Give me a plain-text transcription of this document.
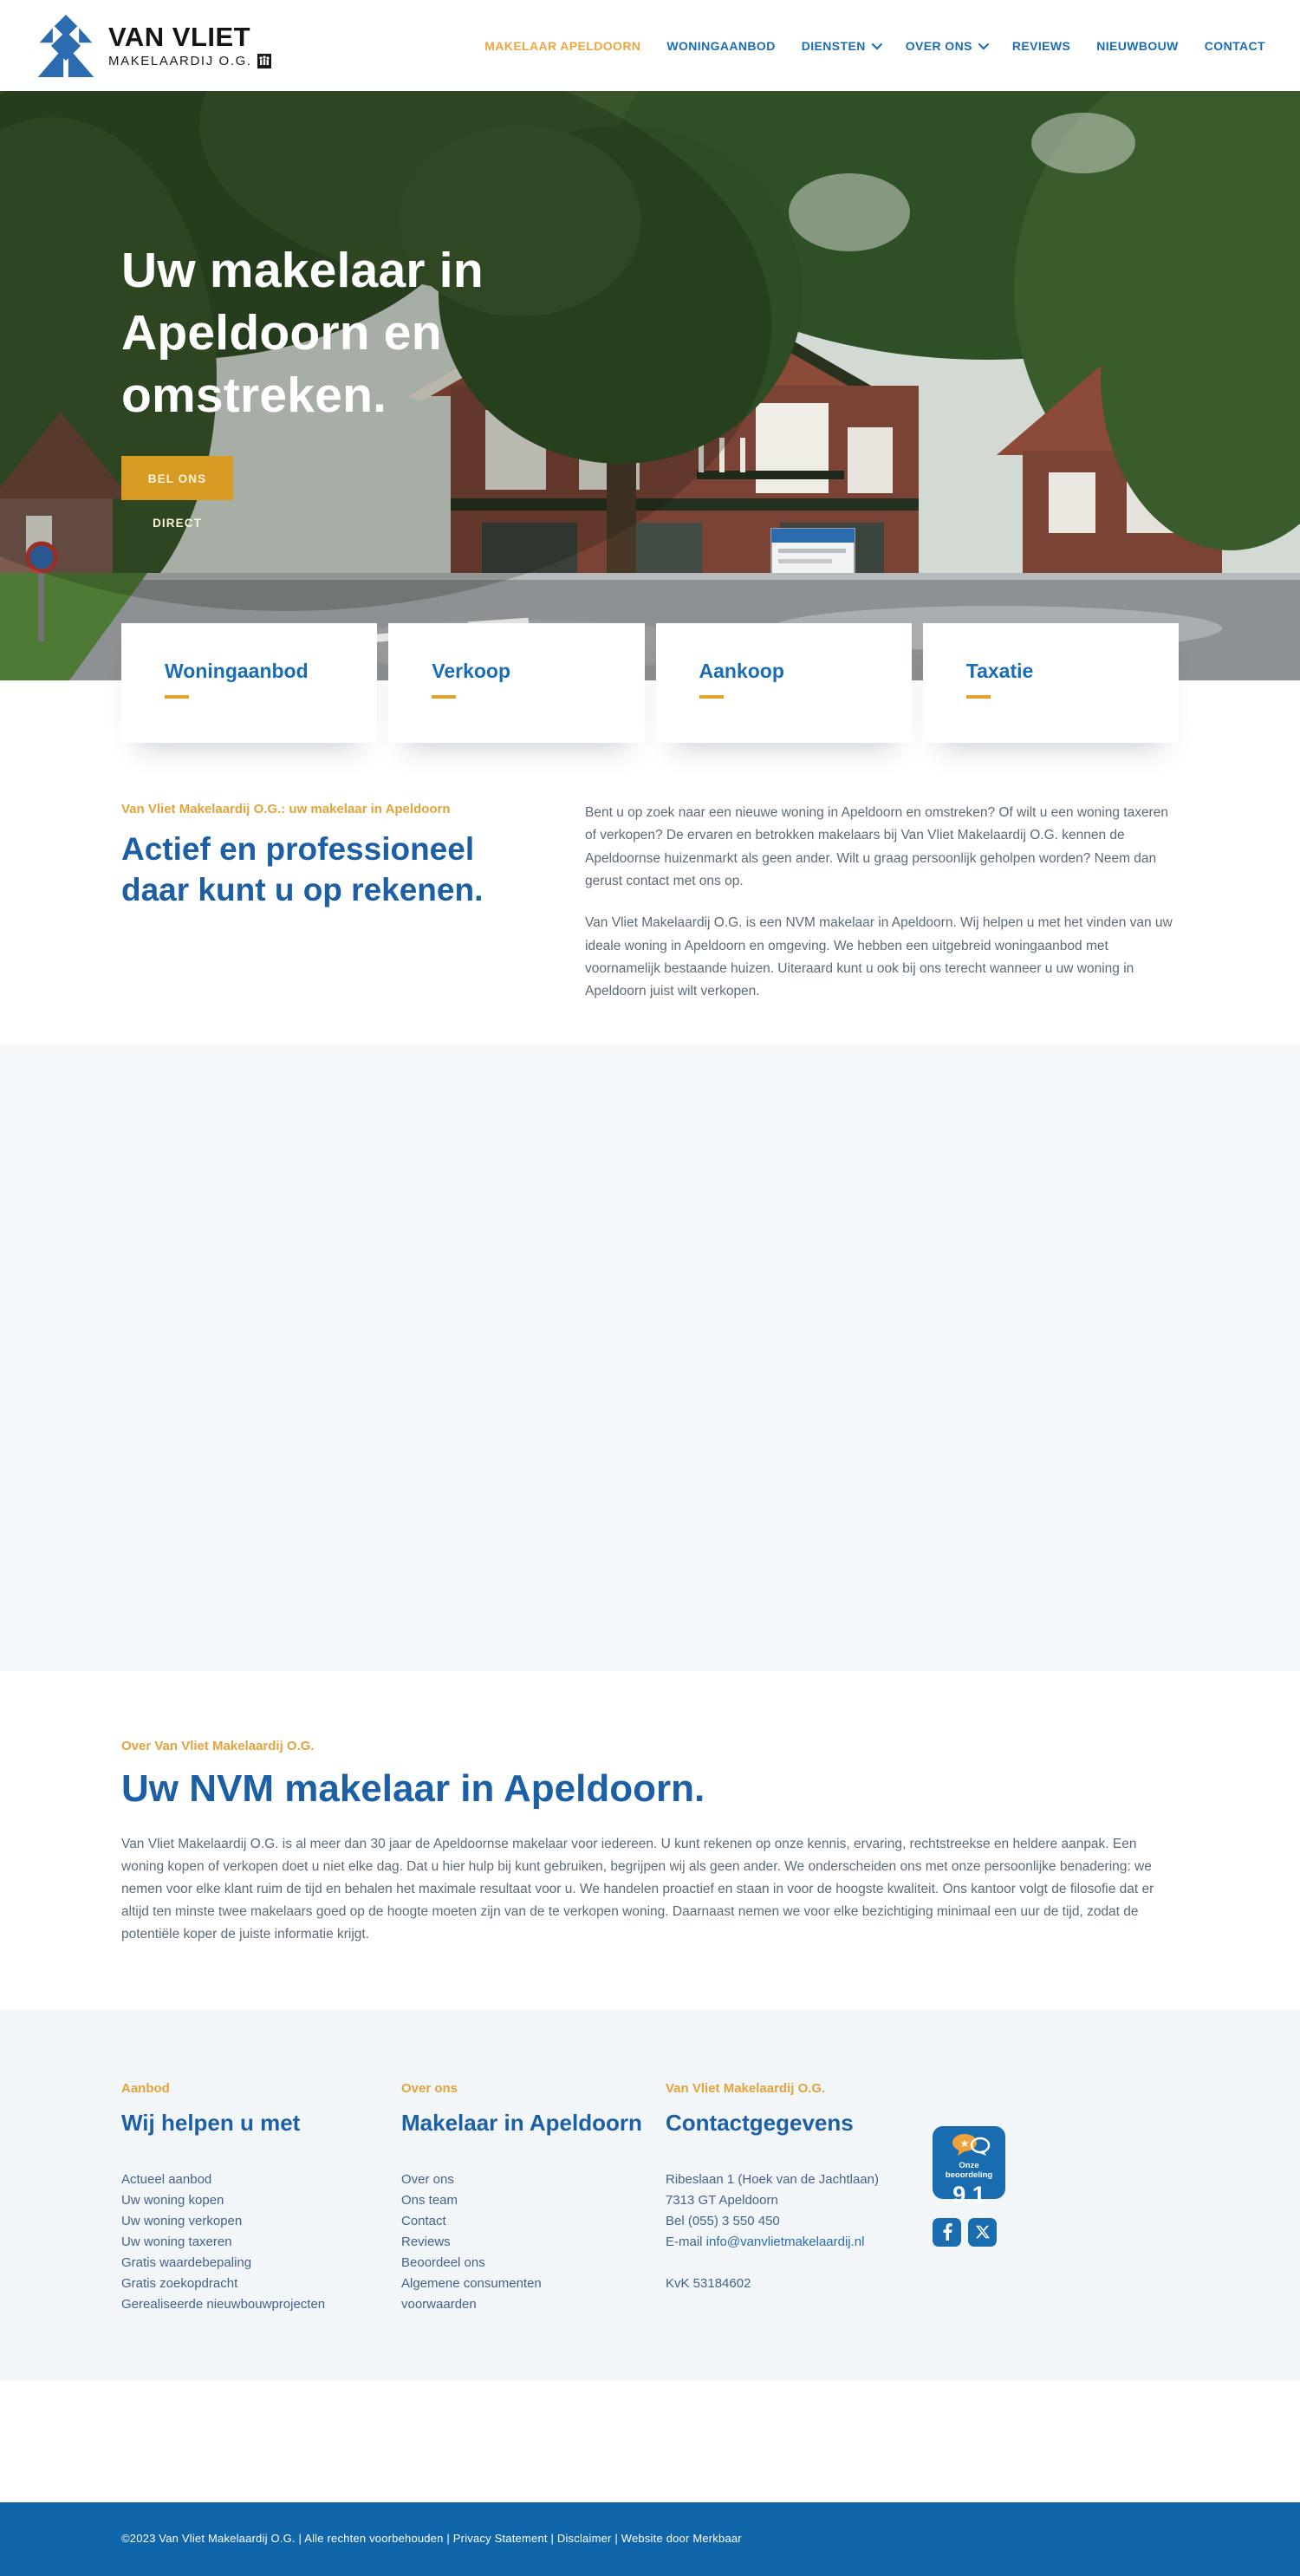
VAN VLIET
MAKELAARDIJ O.G.
MAKELAAR APELDOORN WONINGAANBOD DIENSTEN	OVER ONS	REVIEWS NIEUWBOUW CONTACT
Uw makelaar in
Apeldoorn en
omstreken.
BEL ONS DIRECT
Woningaanbod	Verkoop	Aankoop	Taxatie
Van Vliet Makelaardij O.G.: uw makelaar in Apeldoorn
Actief en professioneel daar kunt u op rekenen.

Bent u op zoek naar een nieuwe woning in Apeldoorn en omstreken? Of wilt u een woning taxeren of verkopen? De ervaren en betrokken makelaars bij Van Vliet Makelaardij O.G. kennen de Apeldoornse huizenmarkt als geen ander. Wilt u graag persoonlijk geholpen worden? Neem dan gerust contact met ons op.

Van Vliet Makelaardij O.G. is een NVM makelaar in Apeldoorn. Wij helpen u met het vinden van uw ideale woning in Apeldoorn en omgeving. We hebben een uitgebreid woningaanbod met voornamelijk bestaande huizen. Uiteraard kunt u ook bij ons terecht wanneer u uw woning in Apeldoorn juist wilt verkopen.

Over Van Vliet Makelaardij O.G.
Uw NVM makelaar in Apeldoorn.

Van Vliet Makelaardij O.G. is al meer dan 30 jaar de Apeldoornse makelaar voor iedereen. U kunt rekenen op onze kennis, ervaring, rechtstreekse en heldere aanpak. Een woning kopen of verkopen doet u niet elke dag. Dat u hier hulp bij kunt gebruiken, begrijpen wij als geen ander. We onderscheiden ons met onze persoonlijke benadering: we nemen voor elke klant ruim de tijd en behalen het maximale resultaat voor u. We handelen proactief en staan in voor de hoogste kwaliteit. Ons kantoor volgt de filosofie dat er altijd ten minste twee makelaars goed op de hoogte moeten zijn van de te verkopen woning. Daarnaast nemen we voor elke bezichtiging minimaal een uur de tijd, zodat de potentiële koper de juiste informatie krijgt.

Aanbod
Wij helpen u met
Actueel aanbod
Uw woning kopen
Uw woning verkopen
Uw woning taxeren
Gratis waardebepaling
Gratis zoekopdracht
Gerealiseerde nieuwbouwprojecten
Over ons
Makelaar in Apeldoorn
Over ons
Ons team
Contact
Reviews
Beoordeel ons
Algemene consumenten voorwaarden
Van Vliet Makelaardij O.G.
Contactgegevens
Ribeslaan 1 (Hoek van de Jachtlaan)
7313 GT Apeldoorn
Bel (055) 3 550 450
E-mail info@vanvlietmakelaardij.nl
KvK 53184602
★
Onze
beoordeling
9.1
©2023 Van Vliet Makelaardij O.G. | Alle rechten voorbehouden | Privacy Statement | Disclaimer | Website door Merkbaar
